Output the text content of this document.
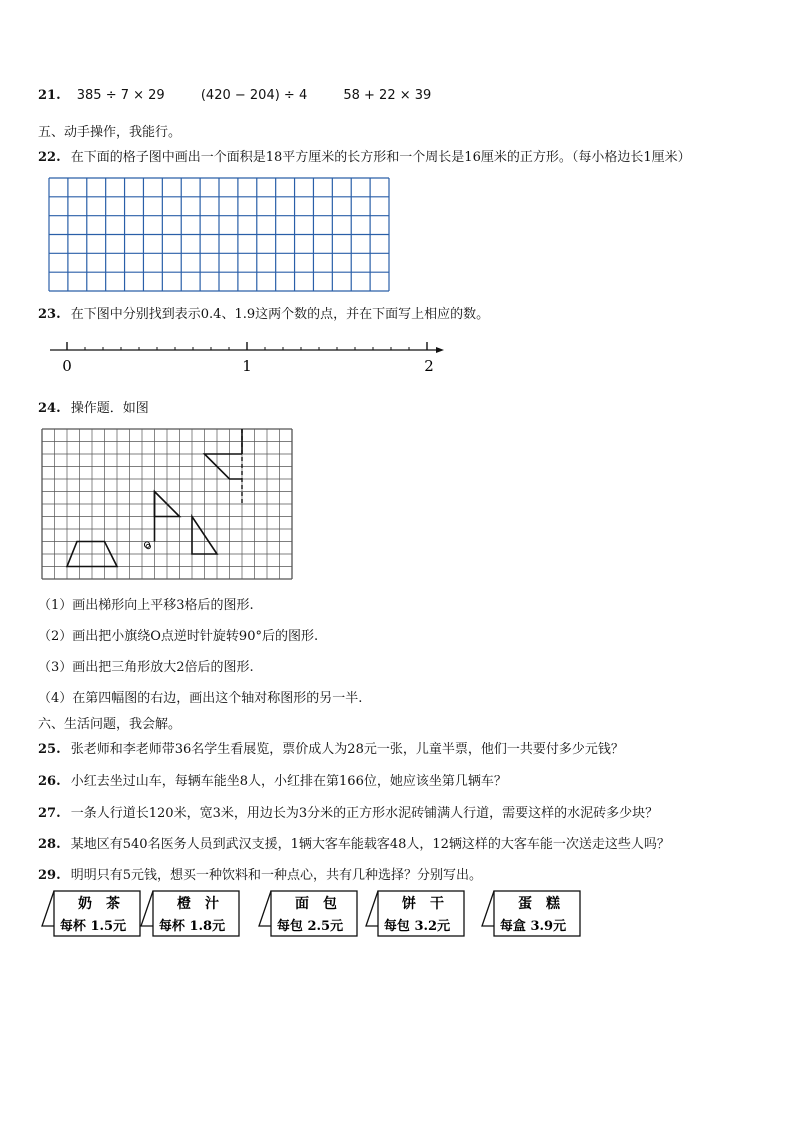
21. 385 ÷ 7 × 29	(420 − 204) ÷ 4	58 + 22 × 39
五、动手操作，我能行。
22. 在下面的格子图中画出一个面积是18平方厘米的长方形和一个周长是16厘米的正方形。（每小格边长1厘米）
23. 在下图中分别找到表示0.4、1.9这两个数的点，并在下面写上相应的数。
0	1	2
24. 操作题．如图
O
（1）画出梯形向上平移3格后的图形.
（2）画出把小旗绕O点逆时针旋转90°后的图形.
（3）画出把三角形放大2倍后的图形.
（4）在第四幅图的右边，画出这个轴对称图形的另一半.
六、生活问题，我会解。
25. 张老师和李老师带36名学生看展览，票价成人为28元一张，儿童半票，他们一共要付多少元钱？
26. 小红去坐过山车，每辆车能坐8人，小红排在第166位，她应该坐第几辆车？
27. 一条人行道长120米，宽3米，用边长为3分米的正方形水泥砖铺满人行道，需要这样的水泥砖多少块？
28. 某地区有540名医务人员到武汉支援，1辆大客车能载客48人，12辆这样的大客车能一次送走这些人吗？
29. 明明只有5元钱，想买一种饮料和一种点心，共有几种选择？分别写出。
奶　茶
每杯 1.5元
橙　汁
每杯 1.8元
面　包
每包 2.5元
饼　干
每包 3.2元
蛋　糕
每盒 3.9元
